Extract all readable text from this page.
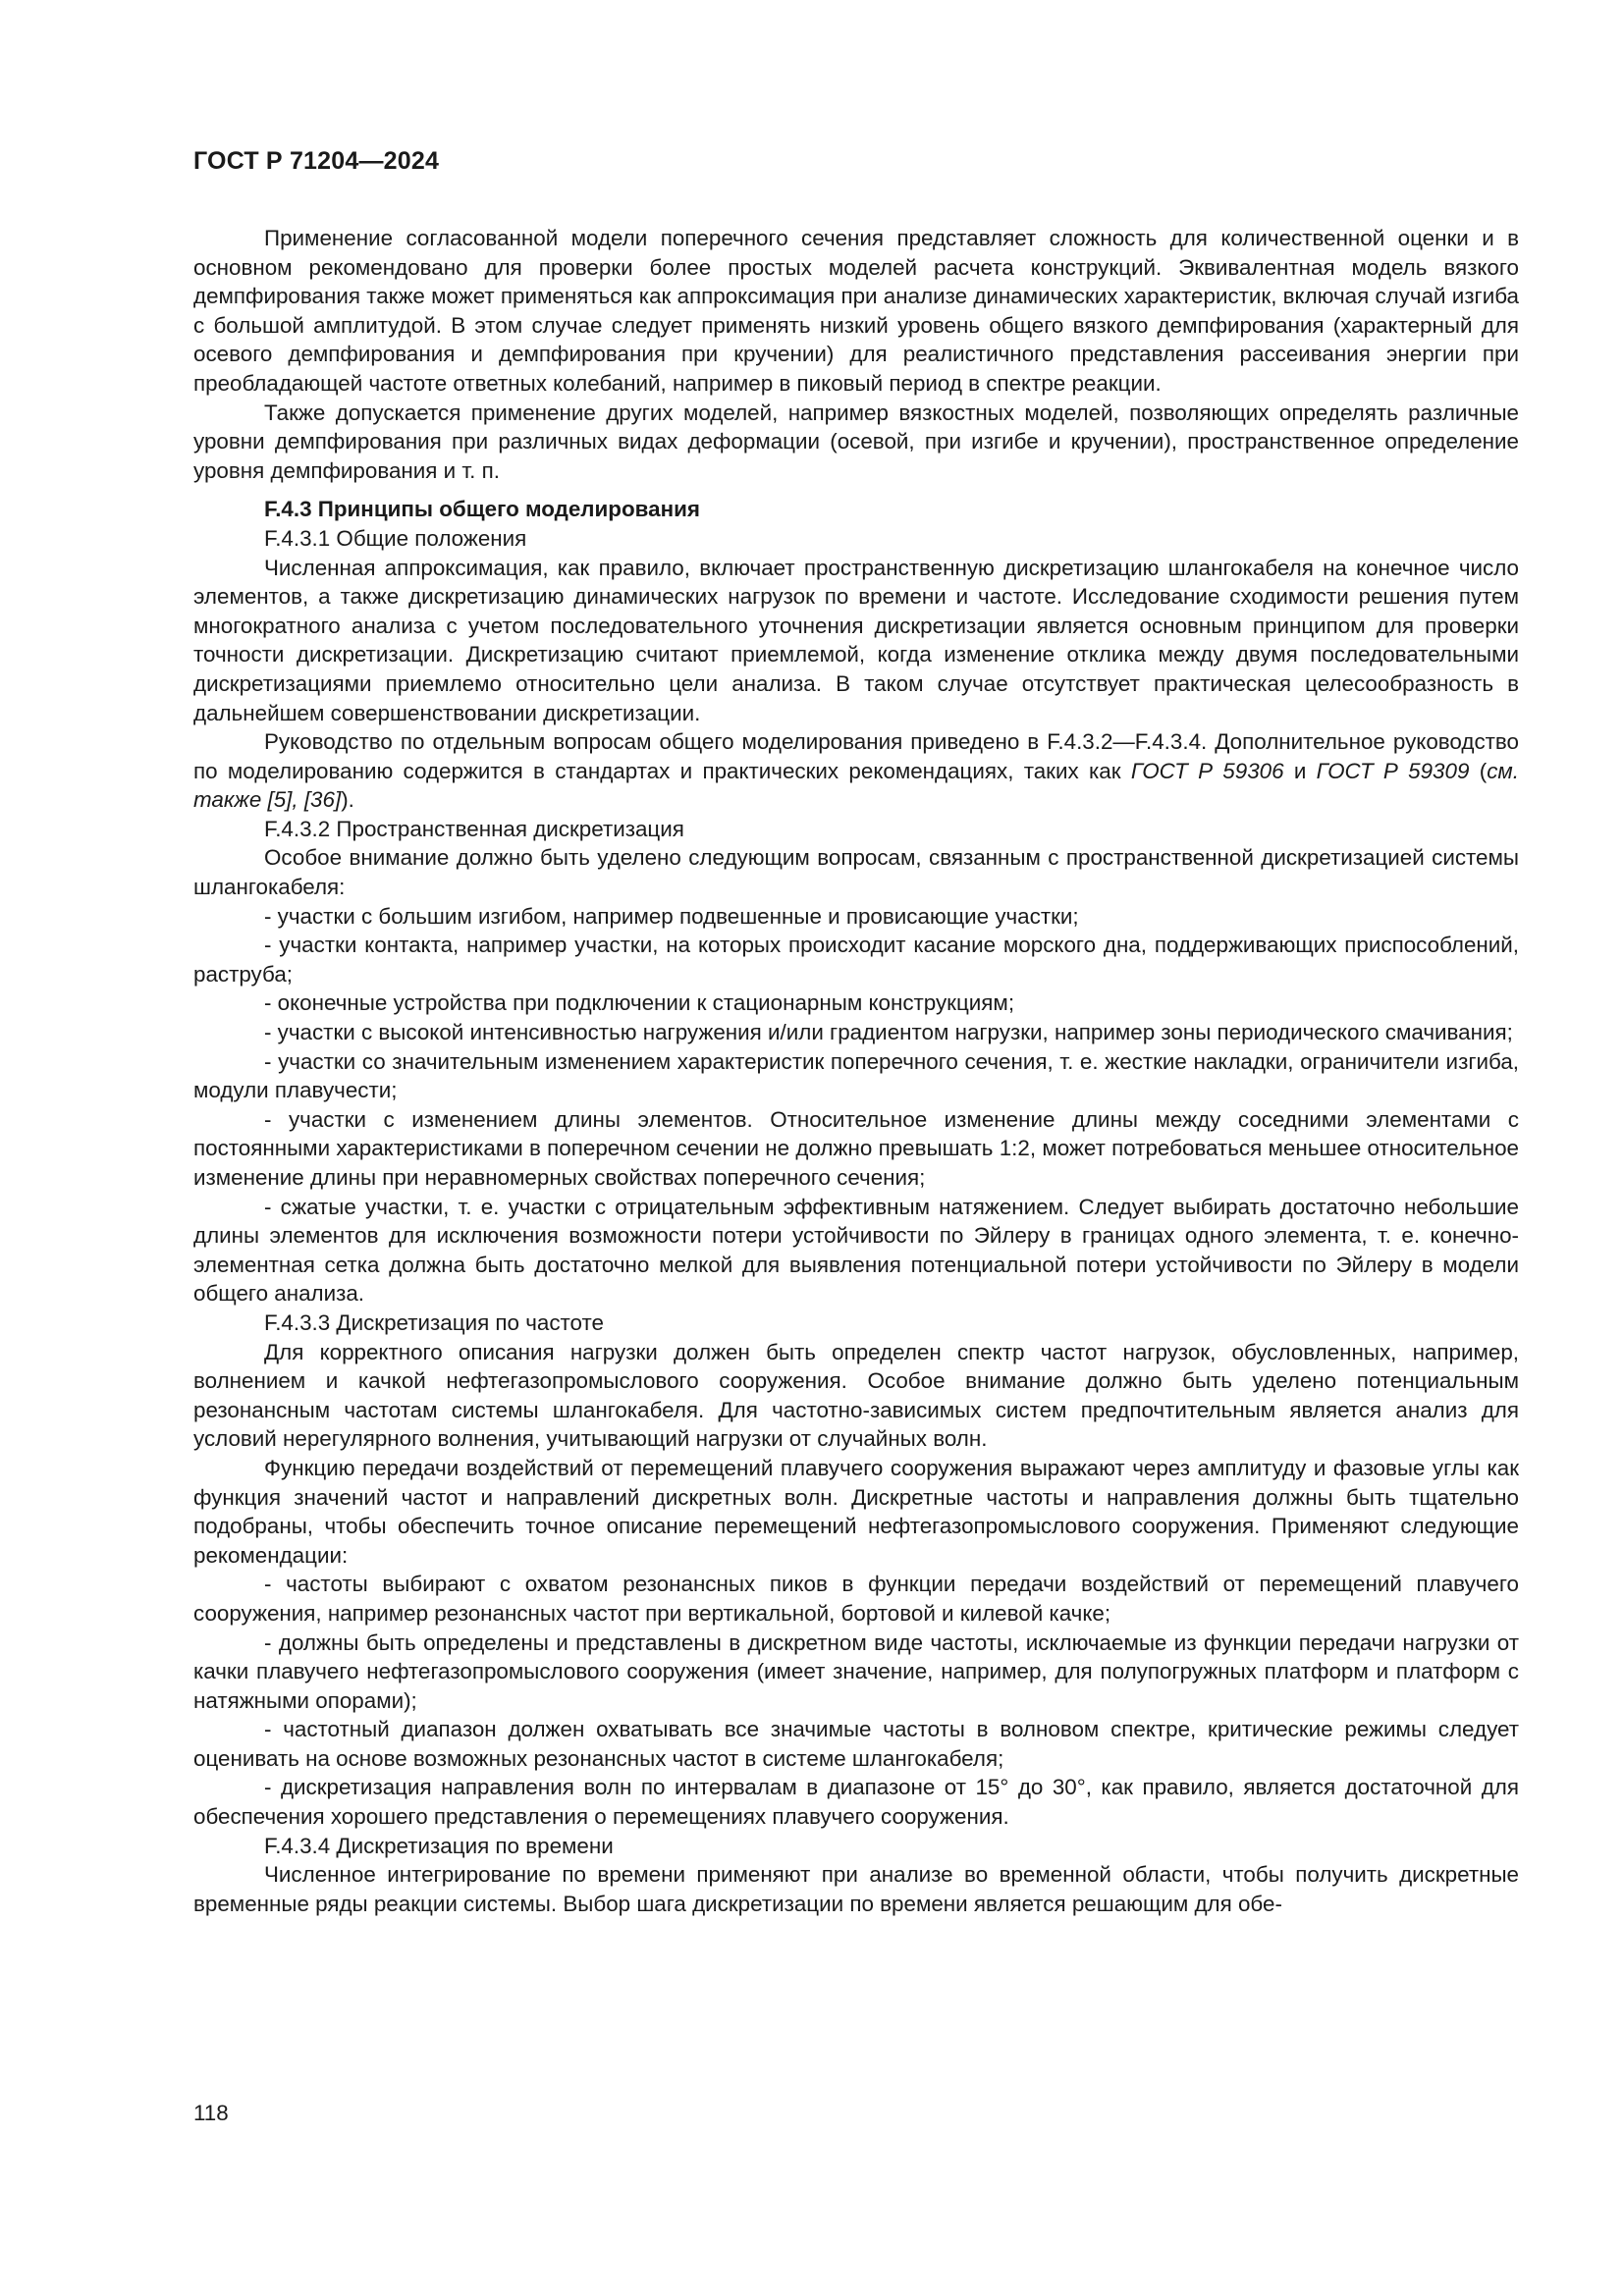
ГОСТ Р 71204—2024

Применение согласованной модели поперечного сечения представляет сложность для количественной оценки и в основном рекомендовано для проверки более простых моделей расчета конструкций. Эквивалентная модель вязкого демпфирования также может применяться как аппроксимация при анализе динамических характеристик, включая случай изгиба с большой амплитудой. В этом случае следует применять низкий уровень общего вязкого демпфирования (характерный для осевого демпфирования и демпфирования при кручении) для реалистичного представления рассеивания энергии при преобладающей частоте ответных колебаний, например в пиковый период в спектре реакции.

Также допускается применение других моделей, например вязкостных моделей, позволяющих определять различные уровни демпфирования при различных видах деформации (осевой, при изгибе и кручении), пространственное определение уровня демпфирования и т. п.

F.4.3 Принципы общего моделирования

F.4.3.1 Общие положения

Численная аппроксимация, как правило, включает пространственную дискретизацию шлангокабеля на конечное число элементов, а также дискретизацию динамических нагрузок по времени и частоте. Исследование сходимости решения путем многократного анализа с учетом последовательного уточнения дискретизации является основным принципом для проверки точности дискретизации. Дискретизацию считают приемлемой, когда изменение отклика между двумя последовательными дискретизациями приемлемо относительно цели анализа. В таком случае отсутствует практическая целесообразность в дальнейшем совершенствовании дискретизации.

Руководство по отдельным вопросам общего моделирования приведено в F.4.3.2—F.4.3.4. Дополнительное руководство по моделированию содержится в стандартах и практических рекомендациях, таких как ГОСТ Р 59306 и ГОСТ Р 59309 (см. также [5], [36]).

F.4.3.2 Пространственная дискретизация

Особое внимание должно быть уделено следующим вопросам, связанным с пространственной дискретизацией системы шлангокабеля:

- участки с большим изгибом, например подвешенные и провисающие участки;

- участки контакта, например участки, на которых происходит касание морского дна, поддерживающих приспособлений, раструба;

- оконечные устройства при подключении к стационарным конструкциям;

- участки с высокой интенсивностью нагружения и/или градиентом нагрузки, например зоны периодического смачивания;

- участки со значительным изменением характеристик поперечного сечения, т. е. жесткие накладки, ограничители изгиба, модули плавучести;

- участки с изменением длины элементов. Относительное изменение длины между соседними элементами с постоянными характеристиками в поперечном сечении не должно превышать 1:2, может потребоваться меньшее относительное изменение длины при неравномерных свойствах поперечного сечения;

- сжатые участки, т. е. участки с отрицательным эффективным натяжением. Следует выбирать достаточно небольшие длины элементов для исключения возможности потери устойчивости по Эйлеру в границах одного элемента, т. е. конечно-элементная сетка должна быть достаточно мелкой для выявления потенциальной потери устойчивости по Эйлеру в модели общего анализа.

F.4.3.3 Дискретизация по частоте

Для корректного описания нагрузки должен быть определен спектр частот нагрузок, обусловленных, например, волнением и качкой нефтегазопромыслового сооружения. Особое внимание должно быть уделено потенциальным резонансным частотам системы шлангокабеля. Для частотно-зависимых систем предпочтительным является анализ для условий нерегулярного волнения, учитывающий нагрузки от случайных волн.

Функцию передачи воздействий от перемещений плавучего сооружения выражают через амплитуду и фазовые углы как функция значений частот и направлений дискретных волн. Дискретные частоты и направления должны быть тщательно подобраны, чтобы обеспечить точное описание перемещений нефтегазопромыслового сооружения. Применяют следующие рекомендации:

- частоты выбирают с охватом резонансных пиков в функции передачи воздействий от перемещений плавучего сооружения, например резонансных частот при вертикальной, бортовой и килевой качке;

- должны быть определены и представлены в дискретном виде частоты, исключаемые из функции передачи нагрузки от качки плавучего нефтегазопромыслового сооружения (имеет значение, например, для полупогружных платформ и платформ с натяжными опорами);

- частотный диапазон должен охватывать все значимые частоты в волновом спектре, критические режимы следует оценивать на основе возможных резонансных частот в системе шлангокабеля;

- дискретизация направления волн по интервалам в диапазоне от 15° до 30°, как правило, является достаточной для обеспечения хорошего представления о перемещениях плавучего сооружения.

F.4.3.4 Дискретизация по времени

Численное интегрирование по времени применяют при анализе во временной области, чтобы получить дискретные временные ряды реакции системы. Выбор шага дискретизации по времени является решающим для обе-

118
